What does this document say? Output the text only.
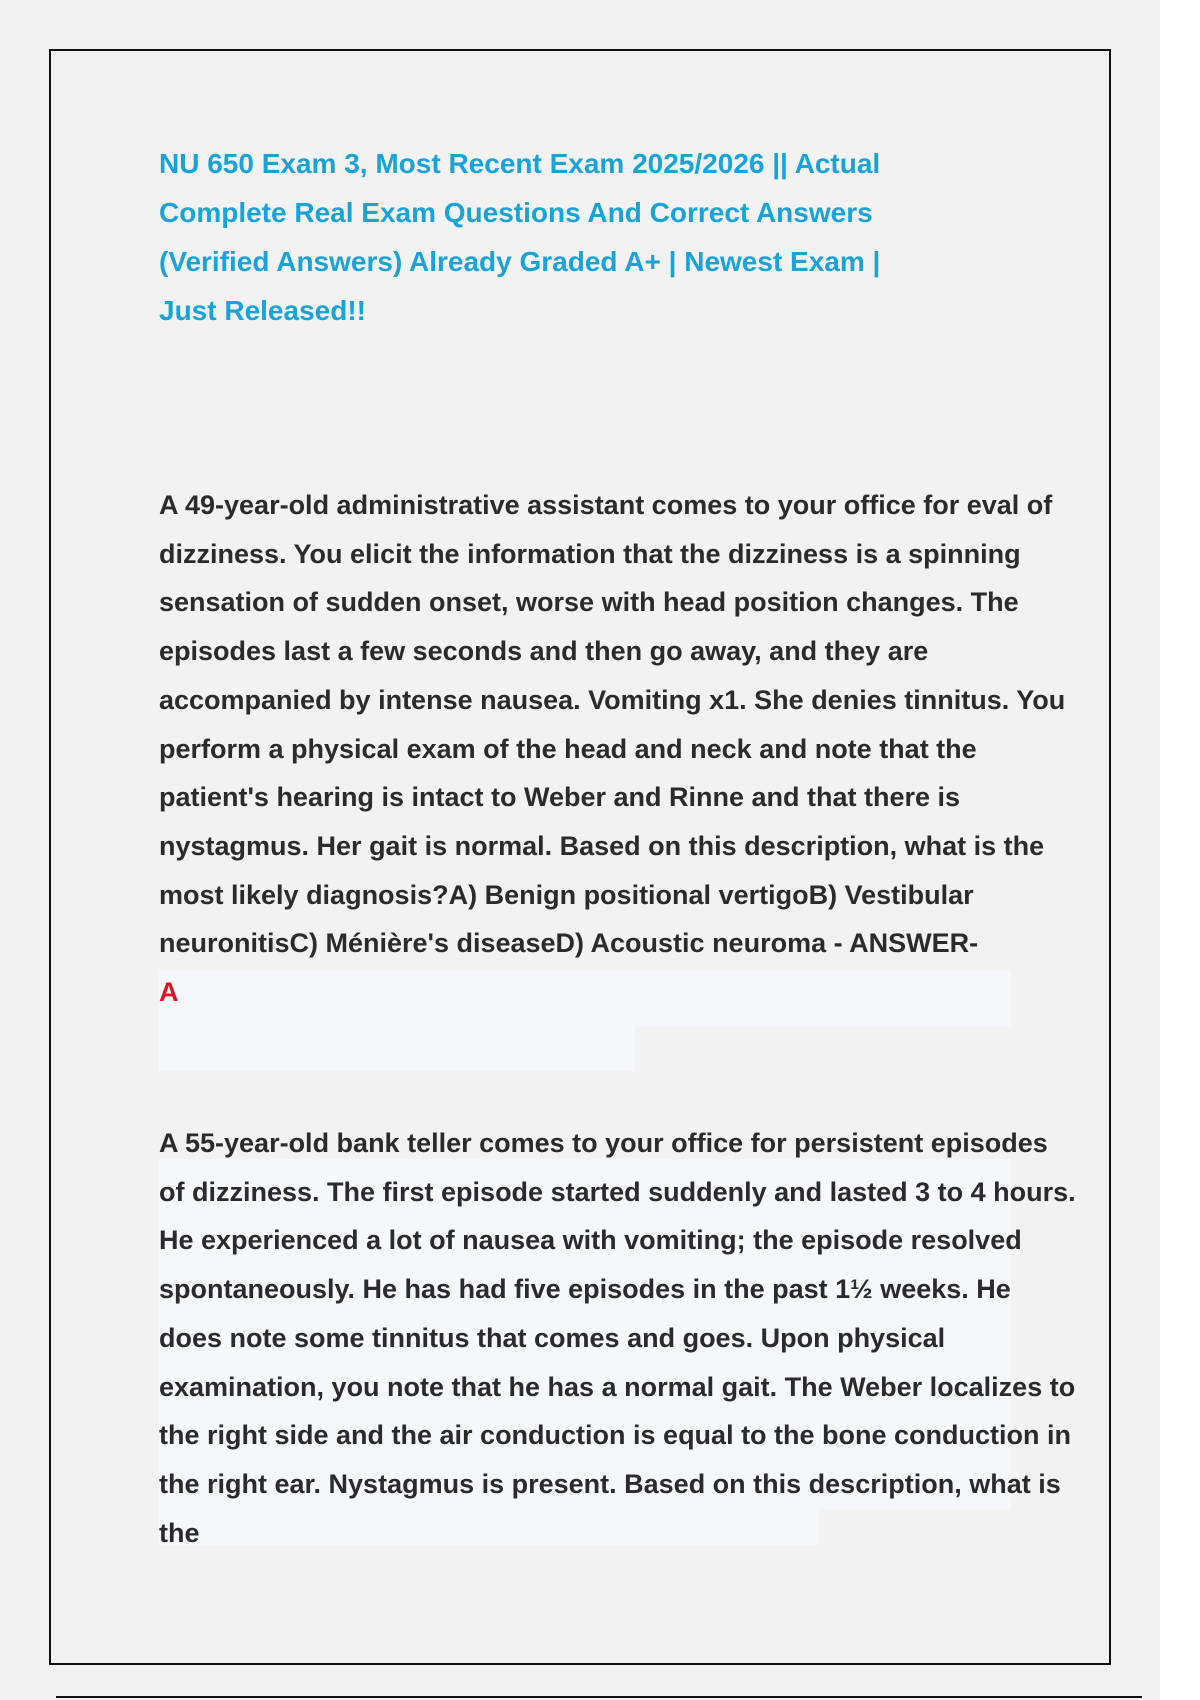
NU 650 Exam 3, Most Recent Exam 2025/2026 || Actual Complete Real Exam Questions And Correct Answers (Verified Answers) Already Graded A+ | Newest Exam | Just Released!!

A 49-year-old administrative assistant comes to your office for eval of dizziness. You elicit the information that the dizziness is a spinning sensation of sudden onset, worse with head position changes. The episodes last a few seconds and then go away, and they are accompanied by intense nausea. Vomiting x1. She denies tinnitus. You perform a physical exam of the head and neck and note that the patient's hearing is intact to Weber and Rinne and that there is nystagmus. Her gait is normal. Based on this description, what is the most likely diagnosis?A) Benign positional vertigoB) Vestibular neuronitisC) Ménière's diseaseD) Acoustic neuroma - ANSWER-
A

A 55-year-old bank teller comes to your office for persistent episodes of dizziness. The first episode started suddenly and lasted 3 to 4 hours. He experienced a lot of nausea with vomiting; the episode resolved spontaneously. He has had five episodes in the past 1½ weeks. He does note some tinnitus that comes and goes. Upon physical examination, you note that he has a normal gait. The Weber localizes to the right side and the air conduction is equal to the bone conduction in the right ear. Nystagmus is present. Based on this description, what is the
